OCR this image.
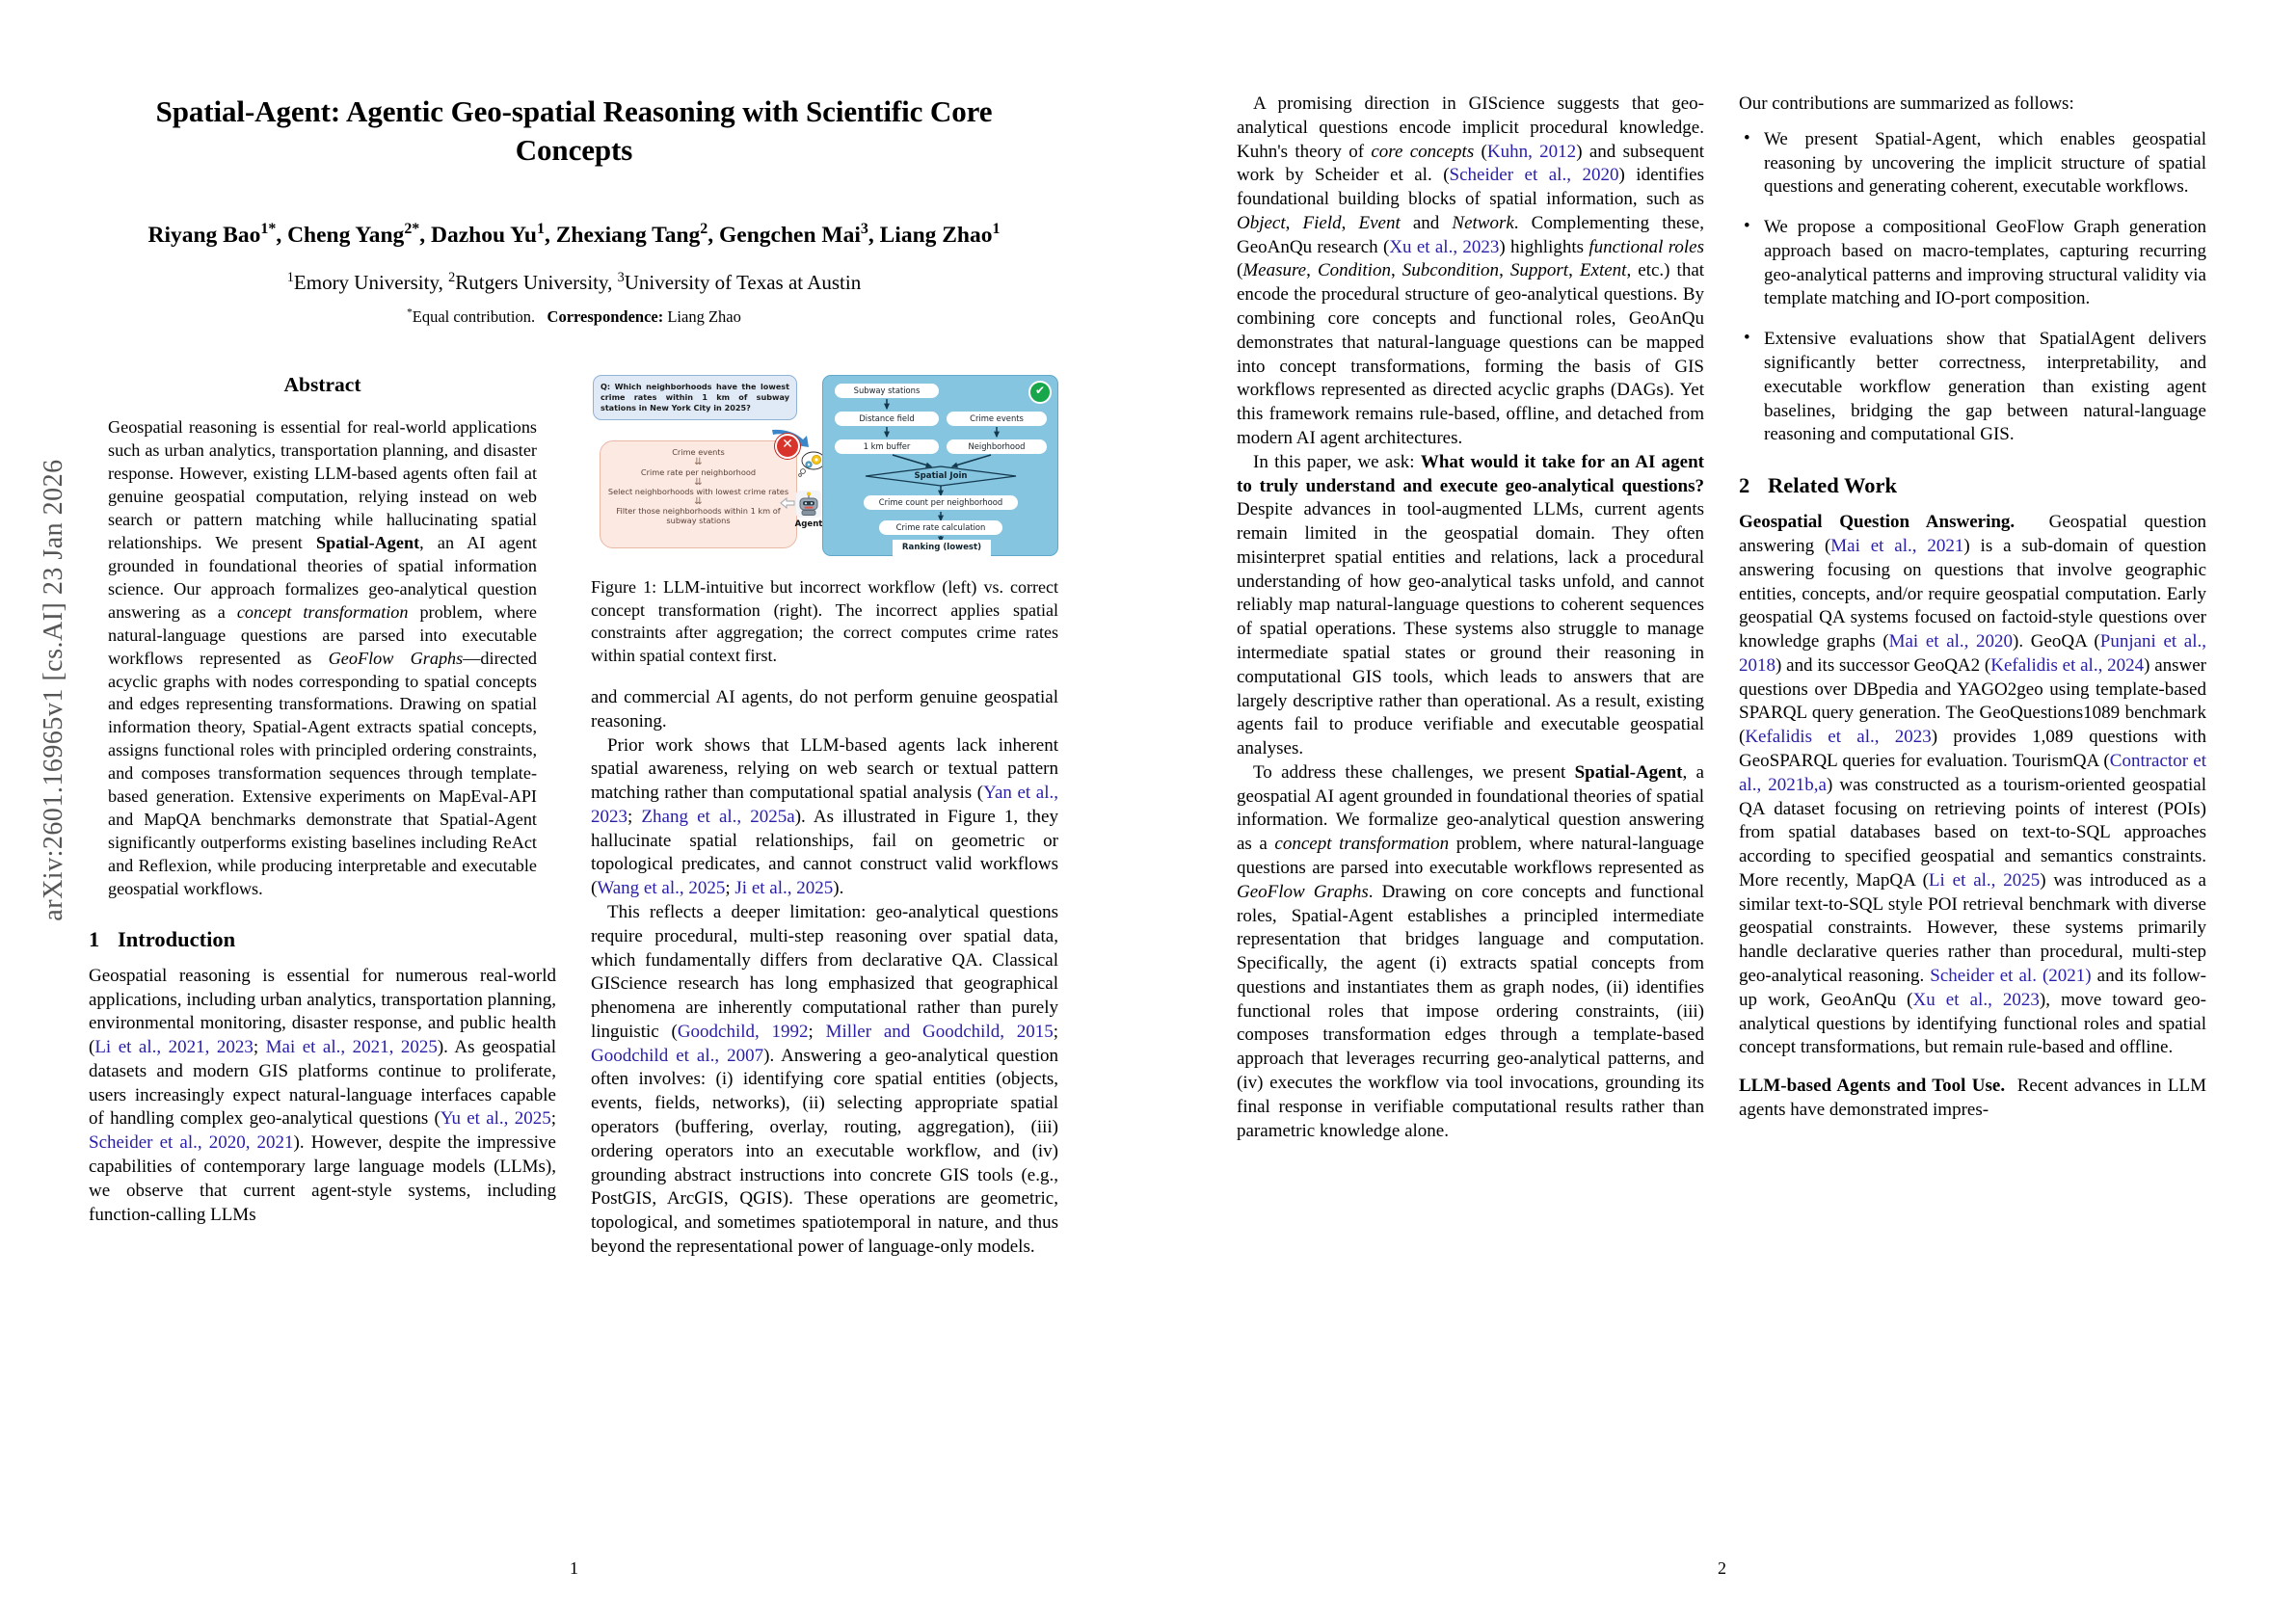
arXiv:2601.16965v1 [cs.AI] 23 Jan 2026
Spatial-Agent: Agentic Geo-spatial Reasoning with Scientific Core
Concepts
Riyang Bao$^{1*}$, Cheng Yang$^{2*}$, Dazhou Yu$^1$, Zhexiang Tang$^2$, Gengchen Mai$^3$, Liang Zhao$^1$
$^1$Emory University, $^2$Rutgers University, $^3$University of Texas at Austin
*Equal contribution.   Correspondence: Liang Zhao
Abstract

Geospatial reasoning is essential for real-world applications such as urban analytics, transportation planning, and disaster response. However, existing LLM-based agents often fail at genuine geospatial computation, relying instead on web search or pattern matching while hallucinating spatial relationships. We present Spatial-Agent, an AI agent grounded in foundational theories of spatial information science. Our approach formalizes geo-analytical question answering as a concept transformation problem, where natural-language questions are parsed into executable workflows represented as GeoFlow Graphs—directed acyclic graphs with nodes corresponding to spatial concepts and edges representing transformations. Drawing on spatial information theory, Spatial-Agent extracts spatial concepts, assigns functional roles with principled ordering constraints, and composes transformation sequences through template-based generation. Extensive experiments on MapEval-API and MapQA benchmarks demonstrate that Spatial-Agent significantly outperforms existing baselines including ReAct and Reflexion, while producing interpretable and executable geospatial workflows.

1 Introduction

Geospatial reasoning is essential for numerous real-world applications, including urban analytics, transportation planning, environmental monitoring, disaster response, and public health (Li et al., 2021, 2023; Mai et al., 2021, 2025). As geospatial datasets and modern GIS platforms continue to proliferate, users increasingly expect natural-language interfaces capable of handling complex geo-analytical questions (Yu et al., 2025; Scheider et al., 2020, 2021). However, despite the impressive capabilities of contemporary large language models (LLMs), we observe that current agent-style systems, including function-calling LLMs

Q: Which neighborhoods have the lowest crime rates within 1 km of subway stations in New York City in 2025?
✕
Crime events
⇊
Crime rate per neighborhood
⇊
Select neighborhoods with lowest crime rates
⇊
Filter those neighborhoods within 1 km of subway stations	Agent
✔
Subway stations
Distance field
1 km buffer
Crime events
Neighborhood
Spatial Join
Crime count per neighborhood
Crime rate calculation
Ranking (lowest)

Figure 1: LLM-intuitive but incorrect workflow (left) vs. correct concept transformation (right). The incorrect applies spatial constraints after aggregation; the correct computes crime rates within spatial context first.

and commercial AI agents, do not perform genuine geospatial reasoning.

Prior work shows that LLM-based agents lack inherent spatial awareness, relying on web search or textual pattern matching rather than computational spatial analysis (Yan et al., 2023; Zhang et al., 2025a). As illustrated in Figure 1, they hallucinate spatial relationships, fail on geometric or topological predicates, and cannot construct valid workflows (Wang et al., 2025; Ji et al., 2025).

This reflects a deeper limitation: geo-analytical questions require procedural, multi-step reasoning over spatial data, which fundamentally differs from declarative QA. Classical GIScience research has long emphasized that geographical phenomena are inherently computational rather than purely linguistic (Goodchild, 1992; Miller and Goodchild, 2015; Goodchild et al., 2007). Answering a geo-analytical question often involves: (i) identifying core spatial entities (objects, events, fields, networks), (ii) selecting appropriate spatial operators (buffering, overlay, routing, aggregation), (iii) ordering operators into an executable workflow, and (iv) grounding abstract instructions into concrete GIS tools (e.g., PostGIS, ArcGIS, QGIS). These operations are geometric, topological, and sometimes spatiotemporal in nature, and thus beyond the representational power of language-only models.

1

A promising direction in GIScience suggests that geo-analytical questions encode implicit procedural knowledge. Kuhn's theory of core concepts (Kuhn, 2012) and subsequent work by Scheider et al. (Scheider et al., 2020) identifies foundational building blocks of spatial information, such as Object, Field, Event and Network. Complementing these, GeoAnQu research (Xu et al., 2023) highlights functional roles (Measure, Condition, Subcondition, Support, Extent, etc.) that encode the procedural structure of geo-analytical questions. By combining core concepts and functional roles, GeoAnQu demonstrates that natural-language questions can be mapped into concept transformations, forming the basis of GIS workflows represented as directed acyclic graphs (DAGs). Yet this framework remains rule-based, offline, and detached from modern AI agent architectures.

In this paper, we ask: What would it take for an AI agent to truly understand and execute geo-analytical questions? Despite advances in tool-augmented LLMs, current agents remain limited in the geospatial domain. They often misinterpret spatial entities and relations, lack a procedural understanding of how geo-analytical tasks unfold, and cannot reliably map natural-language questions to coherent sequences of spatial operations. These systems also struggle to manage intermediate spatial states or ground their reasoning in computational GIS tools, which leads to answers that are largely descriptive rather than operational. As a result, existing agents fail to produce verifiable and executable geospatial analyses.

To address these challenges, we present Spatial-Agent, a geospatial AI agent grounded in foundational theories of spatial information. We formalize geo-analytical question answering as a concept transformation problem, where natural-language questions are parsed into executable workflows represented as GeoFlow Graphs. Drawing on core concepts and functional roles, Spatial-Agent establishes a principled intermediate representation that bridges language and computation. Specifically, the agent (i) extracts spatial concepts from questions and instantiates them as graph nodes, (ii) identifies functional roles that impose ordering constraints, (iii) composes transformation edges through a template-based approach that leverages recurring geo-analytical patterns, and (iv) executes the workflow via tool invocations, grounding its final response in verifiable computational results rather than parametric knowledge alone.

Our contributions are summarized as follows:

• We present Spatial-Agent, which enables geospatial reasoning by uncovering the implicit structure of spatial questions and generating coherent, executable workflows.
• We propose a compositional GeoFlow Graph generation approach based on macro-templates, capturing recurring geo-analytical patterns and improving structural validity via template matching and IO-port composition.
• Extensive evaluations show that SpatialAgent delivers significantly better correctness, interpretability, and executable workflow generation than existing agent baselines, bridging the gap between natural-language reasoning and computational GIS.
2 Related Work

Geospatial Question Answering.  Geospatial question answering (Mai et al., 2021) is a sub-domain of question answering focusing on questions that involve geographic entities, concepts, and/or require geospatial computation. Early geospatial QA systems focused on factoid-style questions over knowledge graphs (Mai et al., 2020). GeoQA (Punjani et al., 2018) and its successor GeoQA2 (Kefalidis et al., 2024) answer questions over DBpedia and YAGO2geo using template-based SPARQL query generation. The GeoQuestions1089 benchmark (Kefalidis et al., 2023) provides 1,089 questions with GeoSPARQL queries for evaluation. TourismQA (Contractor et al., 2021b,a) was constructed as a tourism-oriented geospatial QA dataset focusing on retrieving points of interest (POIs) from spatial databases based on text-to-SQL approaches according to specified geospatial and semantics constraints. More recently, MapQA (Li et al., 2025) was introduced as a similar text-to-SQL style POI retrieval benchmark with diverse geospatial constraints. However, these systems primarily handle declarative queries rather than procedural, multi-step geo-analytical reasoning. Scheider et al. (2021) and its follow-up work, GeoAnQu (Xu et al., 2023), move toward geo-analytical questions by identifying functional roles and spatial concept transformations, but remain rule-based and offline.

LLM-based Agents and Tool Use.  Recent advances in LLM agents have demonstrated impres-

2
